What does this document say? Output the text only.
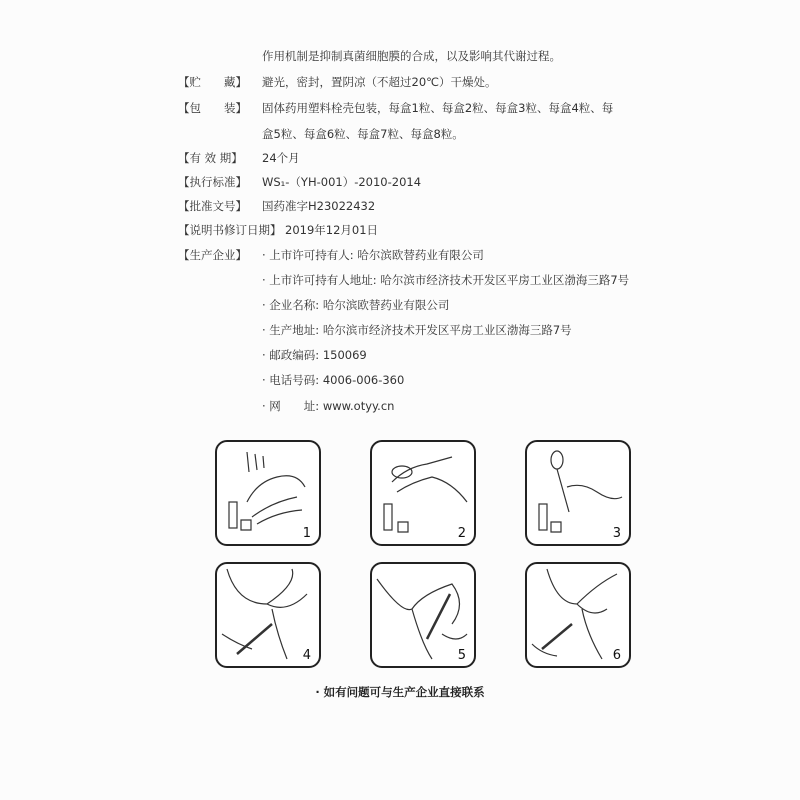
作用机制是抑制真菌细胞膜的合成，以及影响其代谢过程。
【贮　　藏】 避光，密封，置阴凉（不超过20℃）干燥处。
【包　　装】 固体药用塑料栓壳包装，每盒1粒、每盒2粒、每盒3粒、每盒4粒、每
盒5粒、每盒6粒、每盒7粒、每盒8粒。
【有 效 期】 24个月
【执行标准】 WS₁-（YH-001）-2010-2014
【批准文号】 国药准字H23022432
【说明书修订日期】 2019年12月01日
【生产企业】 · 上市许可持有人: 哈尔滨欧替药业有限公司
· 上市许可持有人地址: 哈尔滨市经济技术开发区平房工业区渤海三路7号
· 企业名称: 哈尔滨欧替药业有限公司
· 生产地址: 哈尔滨市经济技术开发区平房工业区渤海三路7号
· 邮政编码: 150069
· 电话号码: 4006-006-360
· 网　　址: www.otyy.cn
1	2	3
4	5	6
· 如有问题可与生产企业直接联系
